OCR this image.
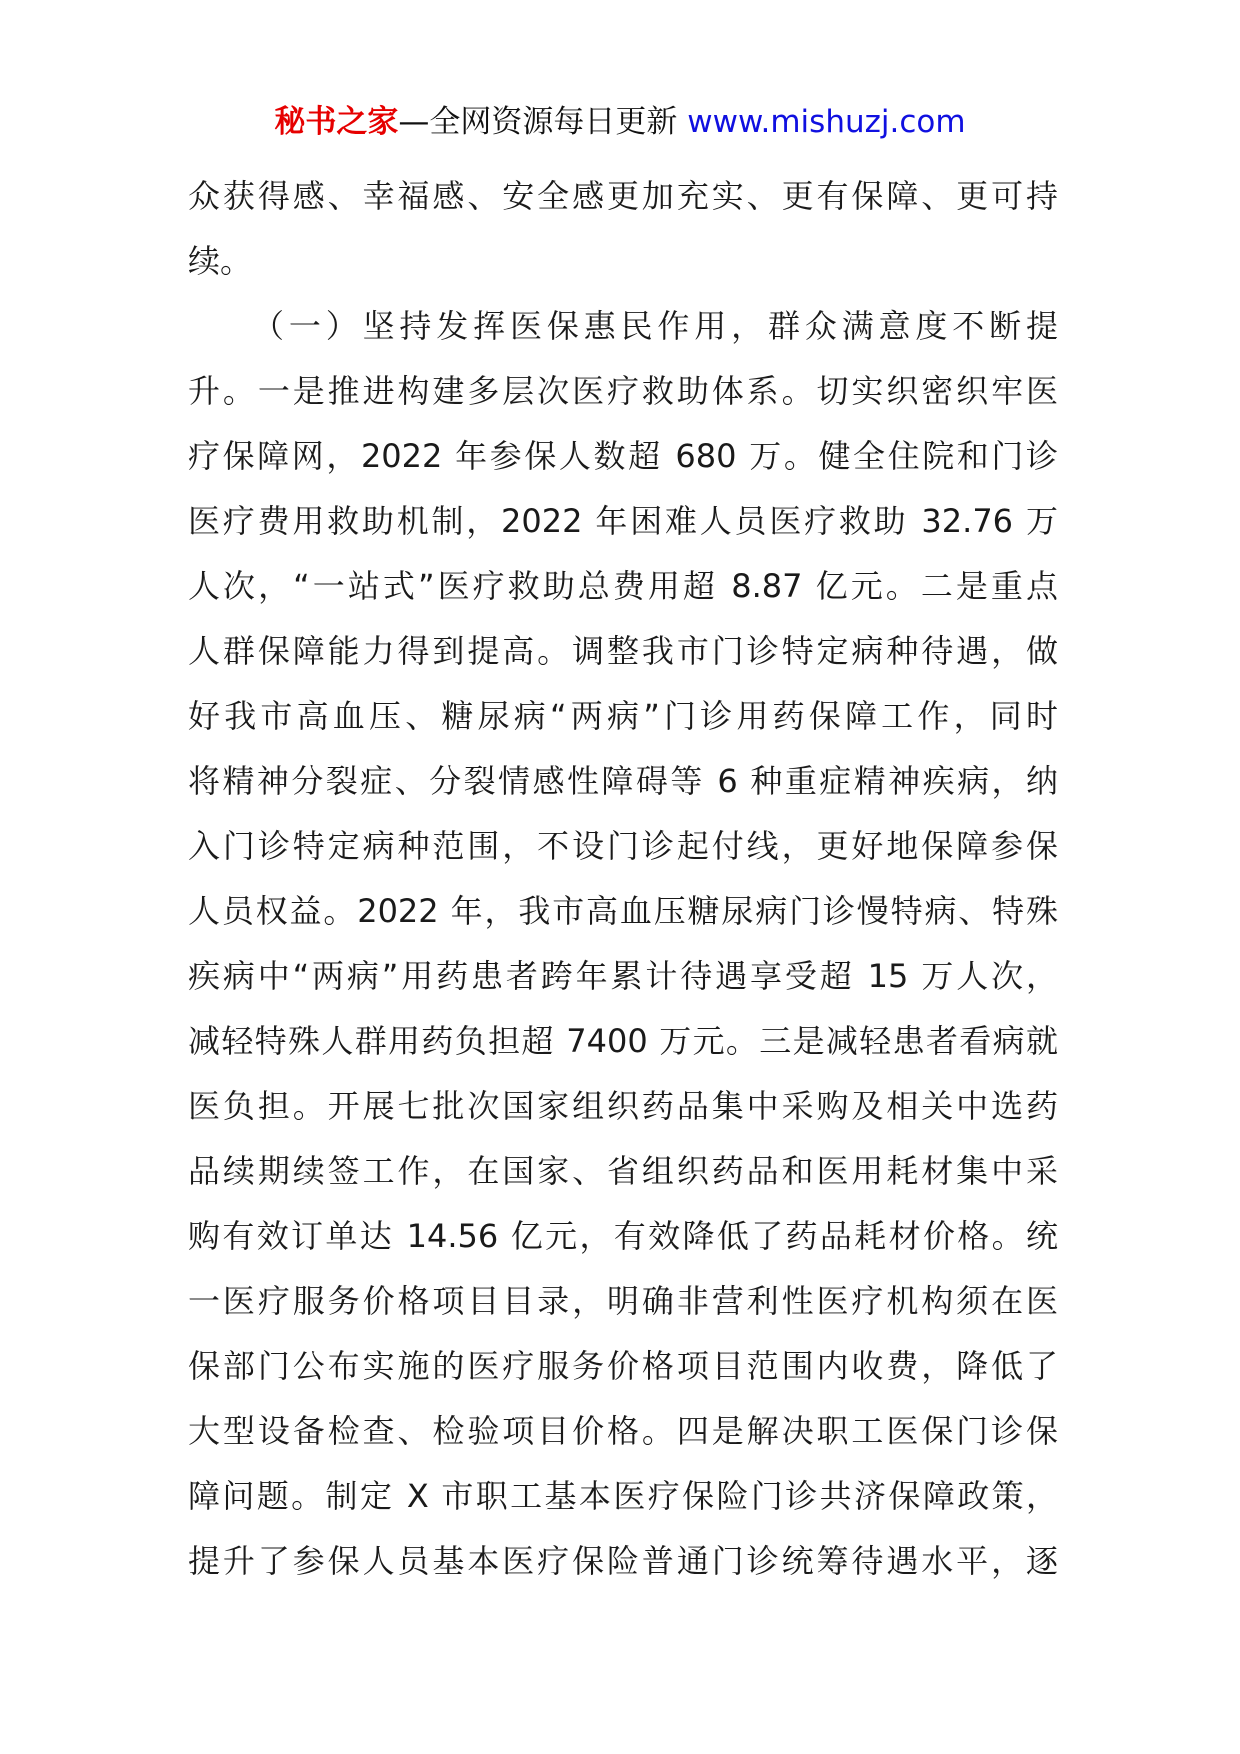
秘书之家—全网资源每日更新 www.mishuzj.com
众获得感、幸福感、安全感更加充实、更有保障、更可持
续。
（一）坚持发挥医保惠民作用，群众满意度不断提
升。一是推进构建多层次医疗救助体系。切实织密织牢医
疗保障网，2022 年参保人数超 680 万。健全住院和门诊
医疗费用救助机制，2022 年困难人员医疗救助 32.76 万
人次，“一站式”医疗救助总费用超 8.87 亿元。二是重点
人群保障能力得到提高。调整我市门诊特定病种待遇，做
好我市高血压、糖尿病“两病”门诊用药保障工作，同时
将精神分裂症、分裂情感性障碍等 6 种重症精神疾病，纳
入门诊特定病种范围，不设门诊起付线，更好地保障参保
人员权益。2022 年，我市高血压糖尿病门诊慢特病、特殊
疾病中“两病”用药患者跨年累计待遇享受超 15 万人次，
减轻特殊人群用药负担超 7400 万元。三是减轻患者看病就
医负担。开展七批次国家组织药品集中采购及相关中选药
品续期续签工作，在国家、省组织药品和医用耗材集中采
购有效订单达 14.56 亿元，有效降低了药品耗材价格。统
一医疗服务价格项目目录，明确非营利性医疗机构须在医
保部门公布实施的医疗服务价格项目范围内收费，降低了
大型设备检查、检验项目价格。四是解决职工医保门诊保
障问题。制定 X 市职工基本医疗保险门诊共济保障政策，
提升了参保人员基本医疗保险普通门诊统筹待遇水平，逐
